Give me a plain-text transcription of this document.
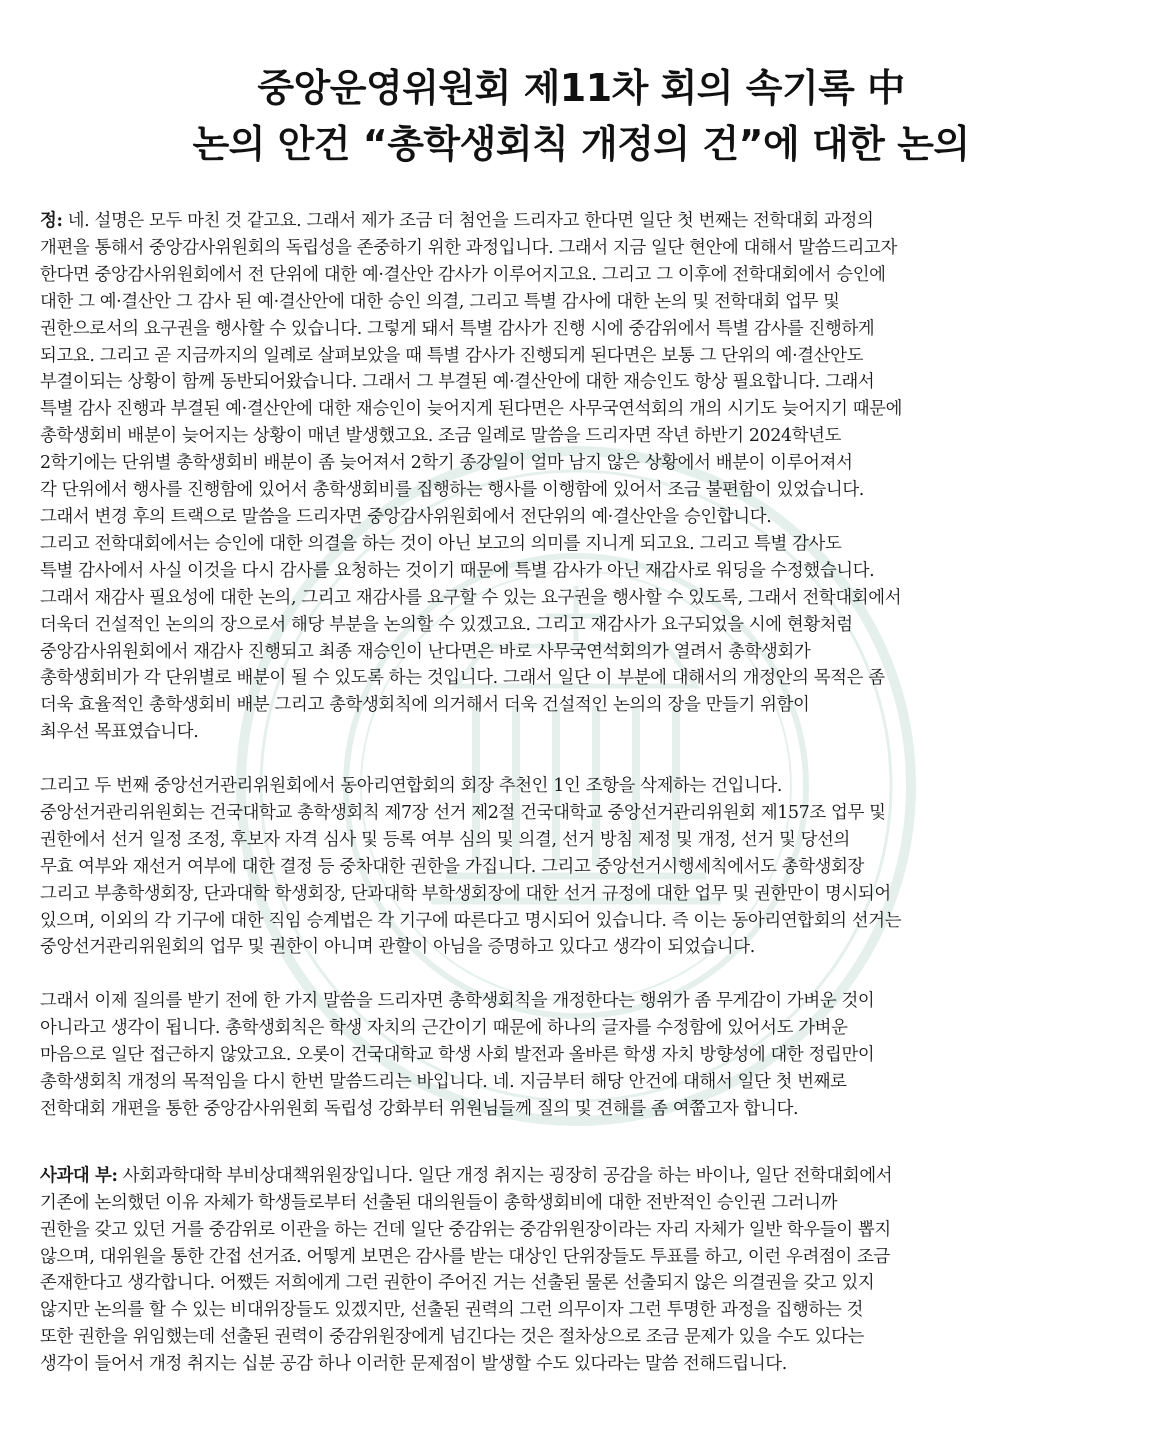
중앙운영위원회 제11차 회의 속기록 中
논의 안건 “총학생회칙 개정의 건”에 대한 논의

정: 네. 설명은 모두 마친 것 같고요. 그래서 제가 조금 더 첨언을 드리자고 한다면 일단 첫 번째는 전학대회 과정의
개편을 통해서 중앙감사위원회의 독립성을 존중하기 위한 과정입니다. 그래서 지금 일단 현안에 대해서 말씀드리고자
한다면 중앙감사위원회에서 전 단위에 대한 예·결산안 감사가 이루어지고요. 그리고 그 이후에 전학대회에서 승인에
대한 그 예·결산안 그 감사 된 예·결산안에 대한 승인 의결, 그리고 특별 감사에 대한 논의 및 전학대회 업무 및
권한으로서의 요구권을 행사할 수 있습니다. 그렇게 돼서 특별 감사가 진행 시에 중감위에서 특별 감사를 진행하게
되고요. 그리고 곧 지금까지의 일례로 살펴보았을 때 특별 감사가 진행되게 된다면은 보통 그 단위의 예·결산안도
부결이되는 상황이 함께 동반되어왔습니다. 그래서 그 부결된 예·결산안에 대한 재승인도 항상 필요합니다. 그래서
특별 감사 진행과 부결된 예·결산안에 대한 재승인이 늦어지게 된다면은 사무국연석회의 개의 시기도 늦어지기 때문에
총학생회비 배분이 늦어지는 상황이 매년 발생했고요. 조금 일례로 말씀을 드리자면 작년 하반기 2024학년도
2학기에는 단위별 총학생회비 배분이 좀 늦어져서 2학기 종강일이 얼마 남지 않은 상황에서 배분이 이루어져서
각 단위에서 행사를 진행함에 있어서 총학생회비를 집행하는 행사를 이행함에 있어서 조금 불편함이 있었습니다.
그래서 변경 후의 트랙으로 말씀을 드리자면 중앙감사위원회에서 전단위의 예·결산안을 승인합니다.
그리고 전학대회에서는 승인에 대한 의결을 하는 것이 아닌 보고의 의미를 지니게 되고요. 그리고 특별 감사도
특별 감사에서 사실 이것을 다시 감사를 요청하는 것이기 때문에 특별 감사가 아닌 재감사로 워딩을 수정했습니다.
그래서 재감사 필요성에 대한 논의, 그리고 재감사를 요구할 수 있는 요구권을 행사할 수 있도록, 그래서 전학대회에서
더욱더 건설적인 논의의 장으로서 해당 부분을 논의할 수 있겠고요. 그리고 재감사가 요구되었을 시에 현황처럼
중앙감사위원회에서 재감사 진행되고 최종 재승인이 난다면은 바로 사무국연석회의가 열려서 총학생회가
총학생회비가 각 단위별로 배분이 될 수 있도록 하는 것입니다. 그래서 일단 이 부분에 대해서의 개정안의 목적은 좀
더욱 효율적인 총학생회비 배분 그리고 총학생회칙에 의거해서 더욱 건설적인 논의의 장을 만들기 위함이
최우선 목표였습니다.

그리고 두 번째 중앙선거관리위원회에서 동아리연합회의 회장 추천인 1인 조항을 삭제하는 건입니다.
중앙선거관리위원회는 건국대학교 총학생회칙 제7장 선거 제2절 건국대학교 중앙선거관리위원회 제157조 업무 및
권한에서 선거 일정 조정, 후보자 자격 심사 및 등록 여부 심의 및 의결, 선거 방침 제정 및 개정, 선거 및 당선의
무효 여부와 재선거 여부에 대한 결정 등 중차대한 권한을 가집니다. 그리고 중앙선거시행세칙에서도 총학생회장
그리고 부총학생회장, 단과대학 학생회장, 단과대학 부학생회장에 대한 선거 규정에 대한 업무 및 권한만이 명시되어
있으며, 이외의 각 기구에 대한 직임 승계법은 각 기구에 따른다고 명시되어 있습니다. 즉 이는 동아리연합회의 선거는
중앙선거관리위원회의 업무 및 권한이 아니며 관할이 아님을 증명하고 있다고 생각이 되었습니다.

그래서 이제 질의를 받기 전에 한 가지 말씀을 드리자면 총학생회칙을 개정한다는 행위가 좀 무게감이 가벼운 것이
아니라고 생각이 됩니다. 총학생회칙은 학생 자치의 근간이기 때문에 하나의 글자를 수정함에 있어서도 가벼운
마음으로 일단 접근하지 않았고요. 오롯이 건국대학교 학생 사회 발전과 올바른 학생 자치 방향성에 대한 정립만이
총학생회칙 개정의 목적임을 다시 한번 말씀드리는 바입니다. 네. 지금부터 해당 안건에 대해서 일단 첫 번째로
전학대회 개편을 통한 중앙감사위원회 독립성 강화부터 위원님들께 질의 및 견해를 좀 여쭙고자 합니다.

사과대 부: 사회과학대학 부비상대책위원장입니다. 일단 개정 취지는 굉장히 공감을 하는 바이나, 일단 전학대회에서
기존에 논의했던 이유 자체가 학생들로부터 선출된 대의원들이 총학생회비에 대한 전반적인 승인권 그러니까
권한을 갖고 있던 거를 중감위로 이관을 하는 건데 일단 중감위는 중감위원장이라는 자리 자체가 일반 학우들이 뽑지
않으며, 대위원을 통한 간접 선거죠. 어떻게 보면은 감사를 받는 대상인 단위장들도 투표를 하고, 이런 우려점이 조금
존재한다고 생각합니다. 어쨌든 저희에게 그런 권한이 주어진 거는 선출된 물론 선출되지 않은 의결권을 갖고 있지
않지만 논의를 할 수 있는 비대위장들도 있겠지만, 선출된 권력의 그런 의무이자 그런 투명한 과정을 집행하는 것
또한 권한을 위임했는데 선출된 권력이 중감위원장에게 넘긴다는 것은 절차상으로 조금 문제가 있을 수도 있다는
생각이 들어서 개정 취지는 십분 공감 하나 이러한 문제점이 발생할 수도 있다라는 말씀 전해드립니다.
